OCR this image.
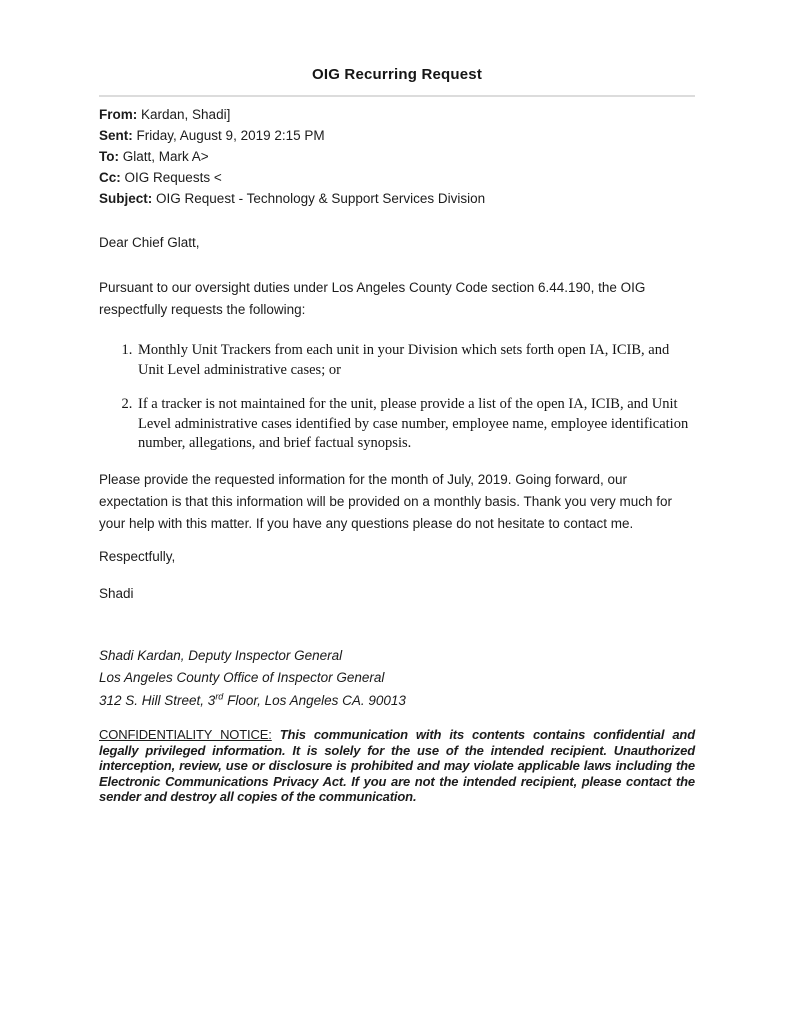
OIG Recurring Request
From: Kardan, Shadi]
Sent: Friday, August 9, 2019 2:15 PM
To: Glatt, Mark A>
Cc: OIG Requests <
Subject: OIG Request - Technology & Support Services Division
Dear Chief Glatt,
Pursuant to our oversight duties under Los Angeles County Code section 6.44.190, the OIG respectfully requests the following:
1. Monthly Unit Trackers from each unit in your Division which sets forth open IA, ICIB, and Unit Level administrative cases; or
2. If a tracker is not maintained for the unit, please provide a list of the open IA, ICIB, and Unit Level administrative cases identified by case number, employee name, employee identification number, allegations, and brief factual synopsis.
Please provide the requested information for the month of July, 2019. Going forward, our expectation is that this information will be provided on a monthly basis. Thank you very much for your help with this matter. If you have any questions please do not hesitate to contact me.
Respectfully,
Shadi
Shadi Kardan, Deputy Inspector General
Los Angeles County Office of Inspector General
312 S. Hill Street, 3rd Floor, Los Angeles CA. 90013
CONFIDENTIALITY NOTICE: This communication with its contents contains confidential and legally privileged information. It is solely for the use of the intended recipient. Unauthorized interception, review, use or disclosure is prohibited and may violate applicable laws including the Electronic Communications Privacy Act. If you are not the intended recipient, please contact the sender and destroy all copies of the communication.
